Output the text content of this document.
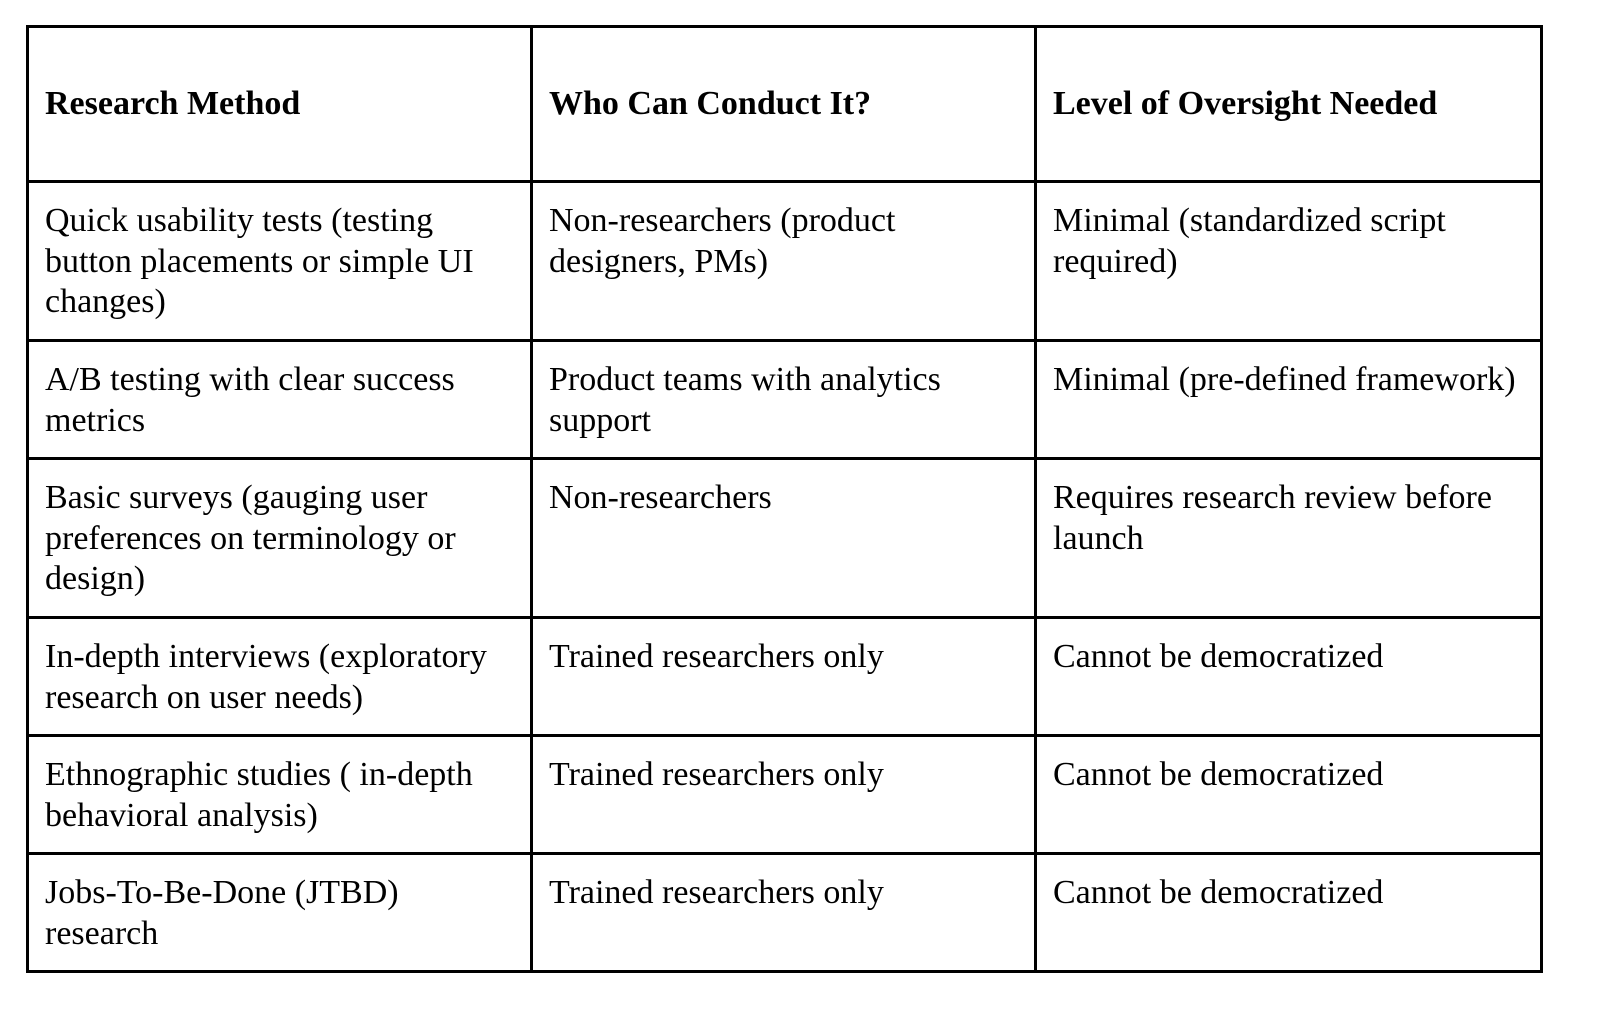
Research Method	Who Can Conduct It?	Level of Oversight Needed
Quick usability tests (testing button placements or simple UI changes)	Non-researchers (product designers, PMs)	Minimal (standardized script required)
A/B testing with clear success metrics	Product teams with analytics support	Minimal (pre-defined framework)
Basic surveys (gauging user preferences on terminology or design)	Non-researchers	Requires research review before launch
In-depth interviews (exploratory research on user needs)	Trained researchers only	Cannot be democratized
Ethnographic studies ( in-depth behavioral analysis)	Trained researchers only	Cannot be democratized
Jobs-To-Be-Done (JTBD) research	Trained researchers only	Cannot be democratized
